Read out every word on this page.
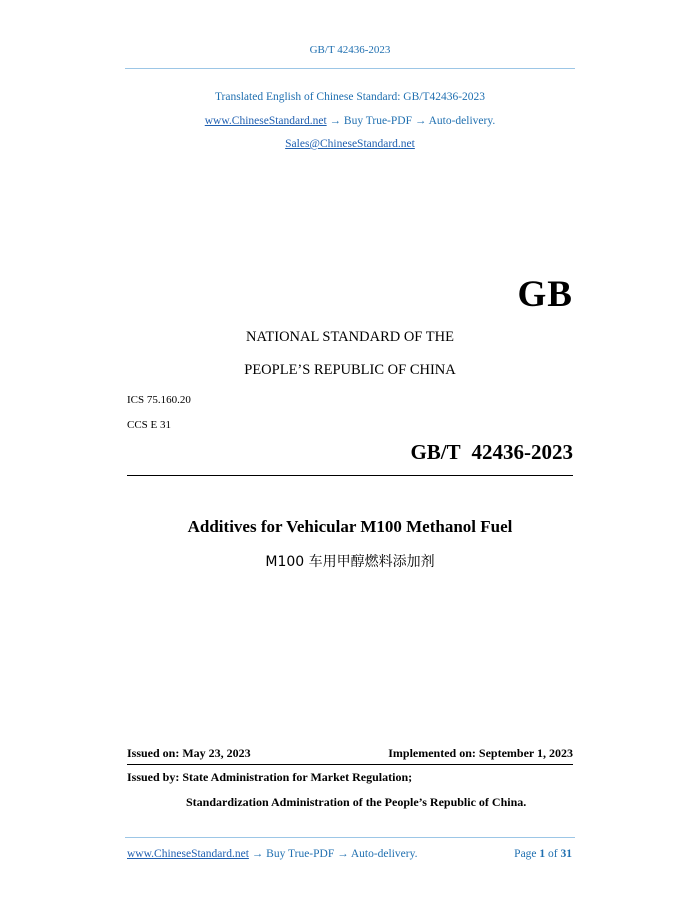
GB/T 42436-2023
Translated English of Chinese Standard: GB/T42436-2023
www.ChineseStandard.net → Buy True-PDF → Auto-delivery.
Sales@ChineseStandard.net
GB
NATIONAL STANDARD OF THE
PEOPLE’S REPUBLIC OF CHINA
ICS 75.160.20
CCS E 31
GB/T 42436-2023
Additives for Vehicular M100 Methanol Fuel
M100 车用甲醇燃料添加剂
Issued on: May 23, 2023	Implemented on: September 1, 2023
Issued by: State Administration for Market Regulation;
Standardization Administration of the People’s Republic of China.
www.ChineseStandard.net → Buy True-PDF → Auto-delivery.	Page 1 of 31
